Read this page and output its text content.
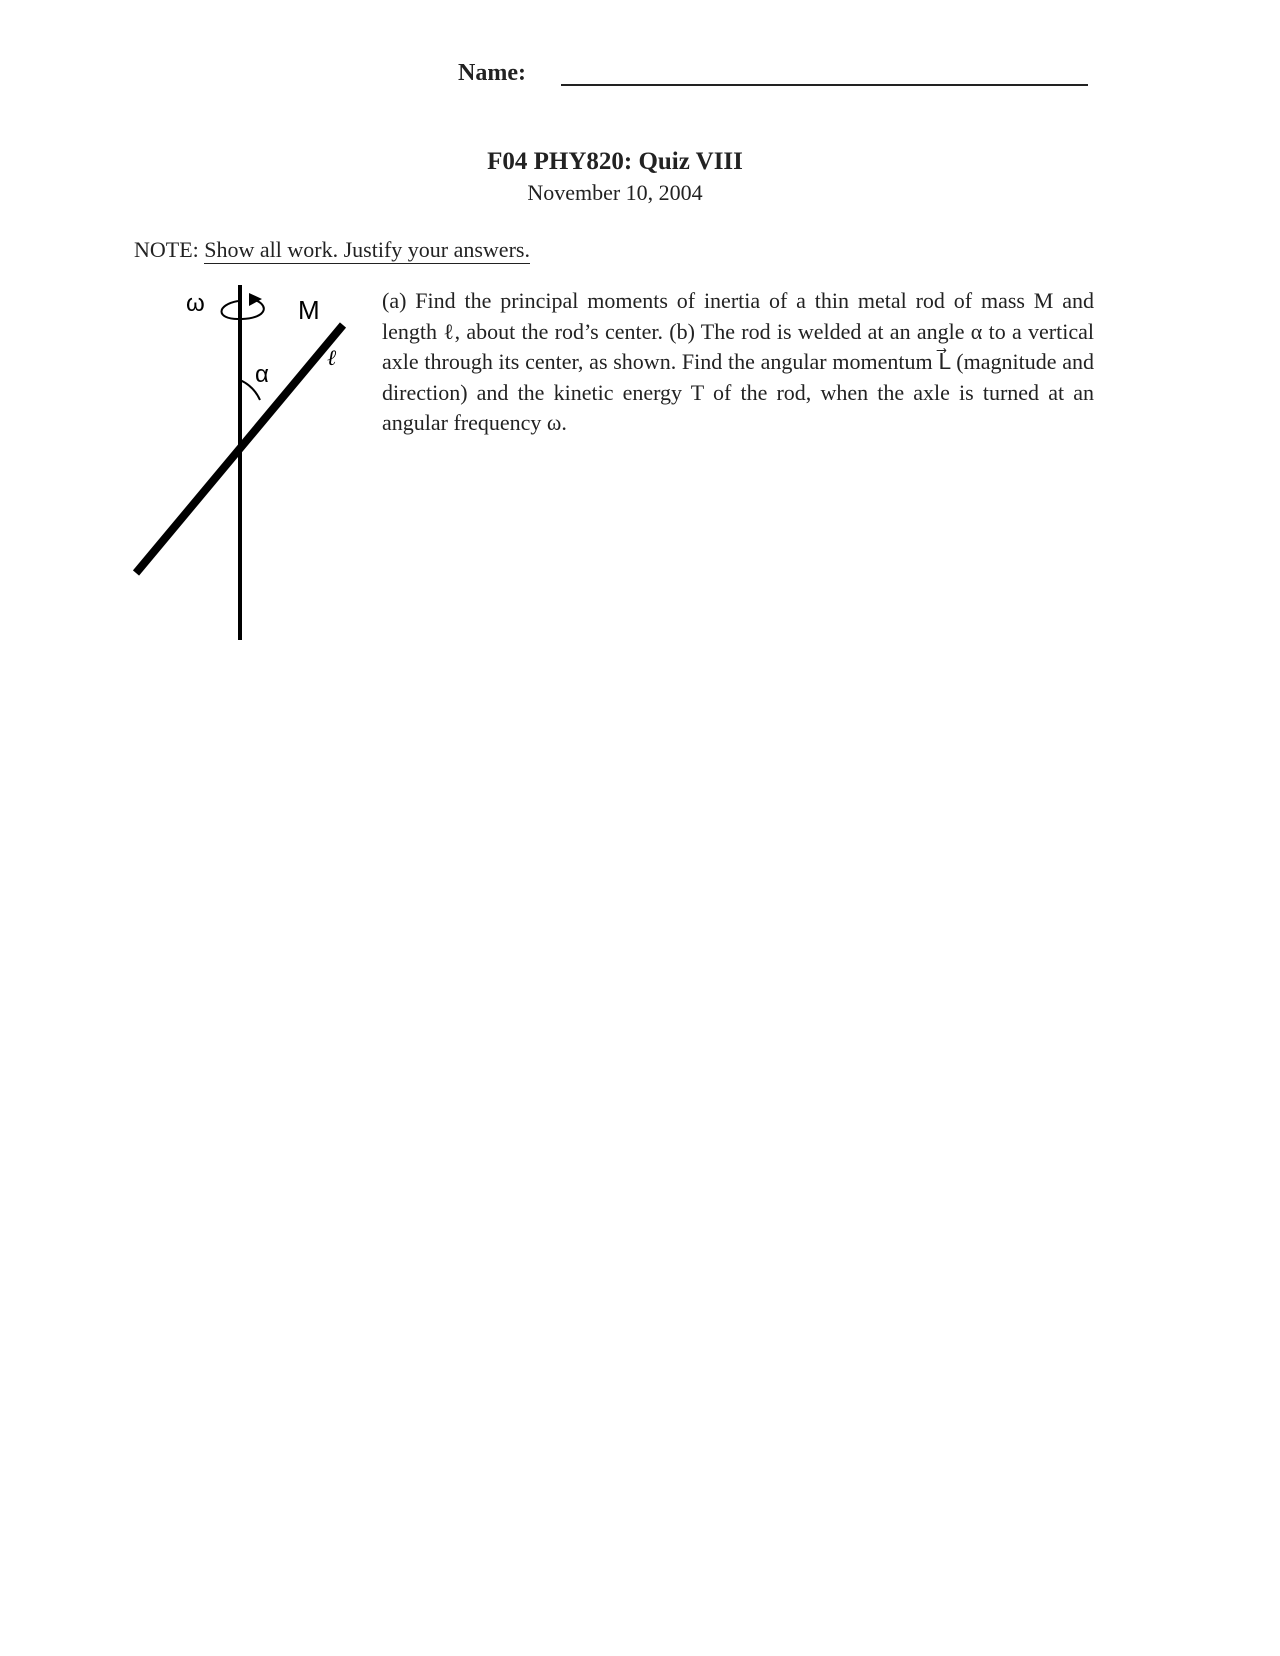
Name:
F04 PHY820: Quiz VIII
November 10, 2004
NOTE: Show all work. Justify your answers.
ω	M
ℓ
α
(a) Find the principal moments of inertia of a thin metal rod of mass M and length ℓ, about the rod’s center. (b) The rod is welded at an angle α to a vertical axle through its center, as shown. Find the angular momentum L⃗ (magnitude and direction) and the kinetic energy T of the rod, when the axle is turned at an angular frequency ω.
